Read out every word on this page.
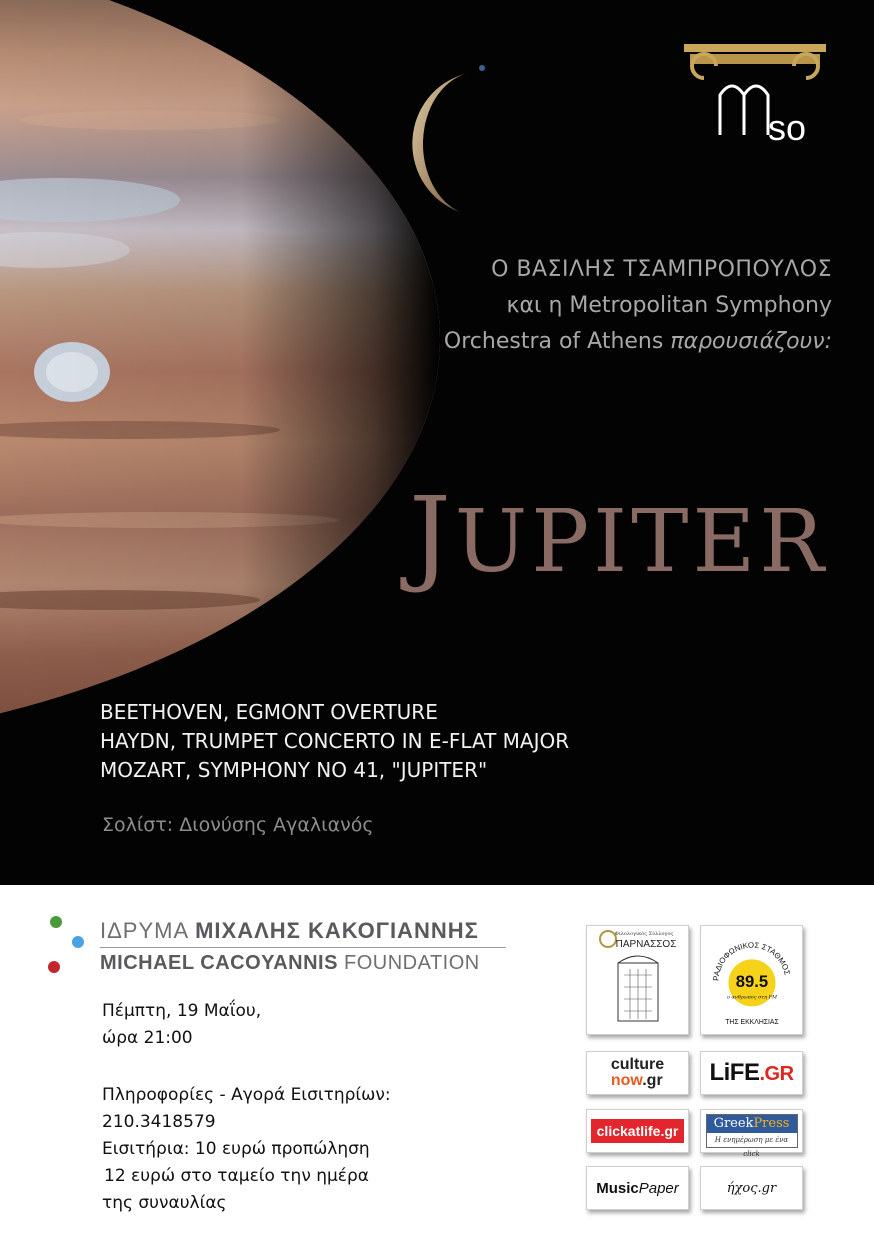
so
Ο ΒΑΣΙΛΗΣ ΤΣΑΜΠΡΟΠΟΥΛΟΣ
και η Metropolitan Symphony
Orchestra of Athens παρουσιάζουν:
JUPITER
BEETHOVEN, EGMONT OVERTURE
HAYDN, TRUMPET CONCERTO IN E-FLAT MAJOR
MOZART, SYMPHONY NO 41, "JUPITER"
Σολίστ: Διονύσης Αγαλιανός
ΙΔΡΥΜΑ ΜΙΧΑΛΗΣ ΚΑΚΟΓΙΑΝΝΗΣ
MICHAEL CACOYANNIS FOUNDATION
Πέμπτη, 19 Μαΐου,
ώρα 21:00
Πληροφορίες - Αγορά Εισιτηρίων:
210.3418579
Εισιτήρια: 10 ευρώ προπώληση
12 ευρώ στο ταμείο την ημέρα
της συναυλίας
Φιλολογικός Σύλλογος
ΠΑΡΝΑΣΣΟΣ
ΡΑΔΙΟΦΩΝΙΚΟΣ ΣΤΑΘΜΟΣ
89.5
ο ανθρωπος στη FM
ΤΗΣ ΕΚΚΛΗΣΙΑΣ
culture
now.gr LiFE.GR
clickatlife.gr	GreekPress
Η ενημέρωση με ένα click
MusicPaper	ήχος.gr
